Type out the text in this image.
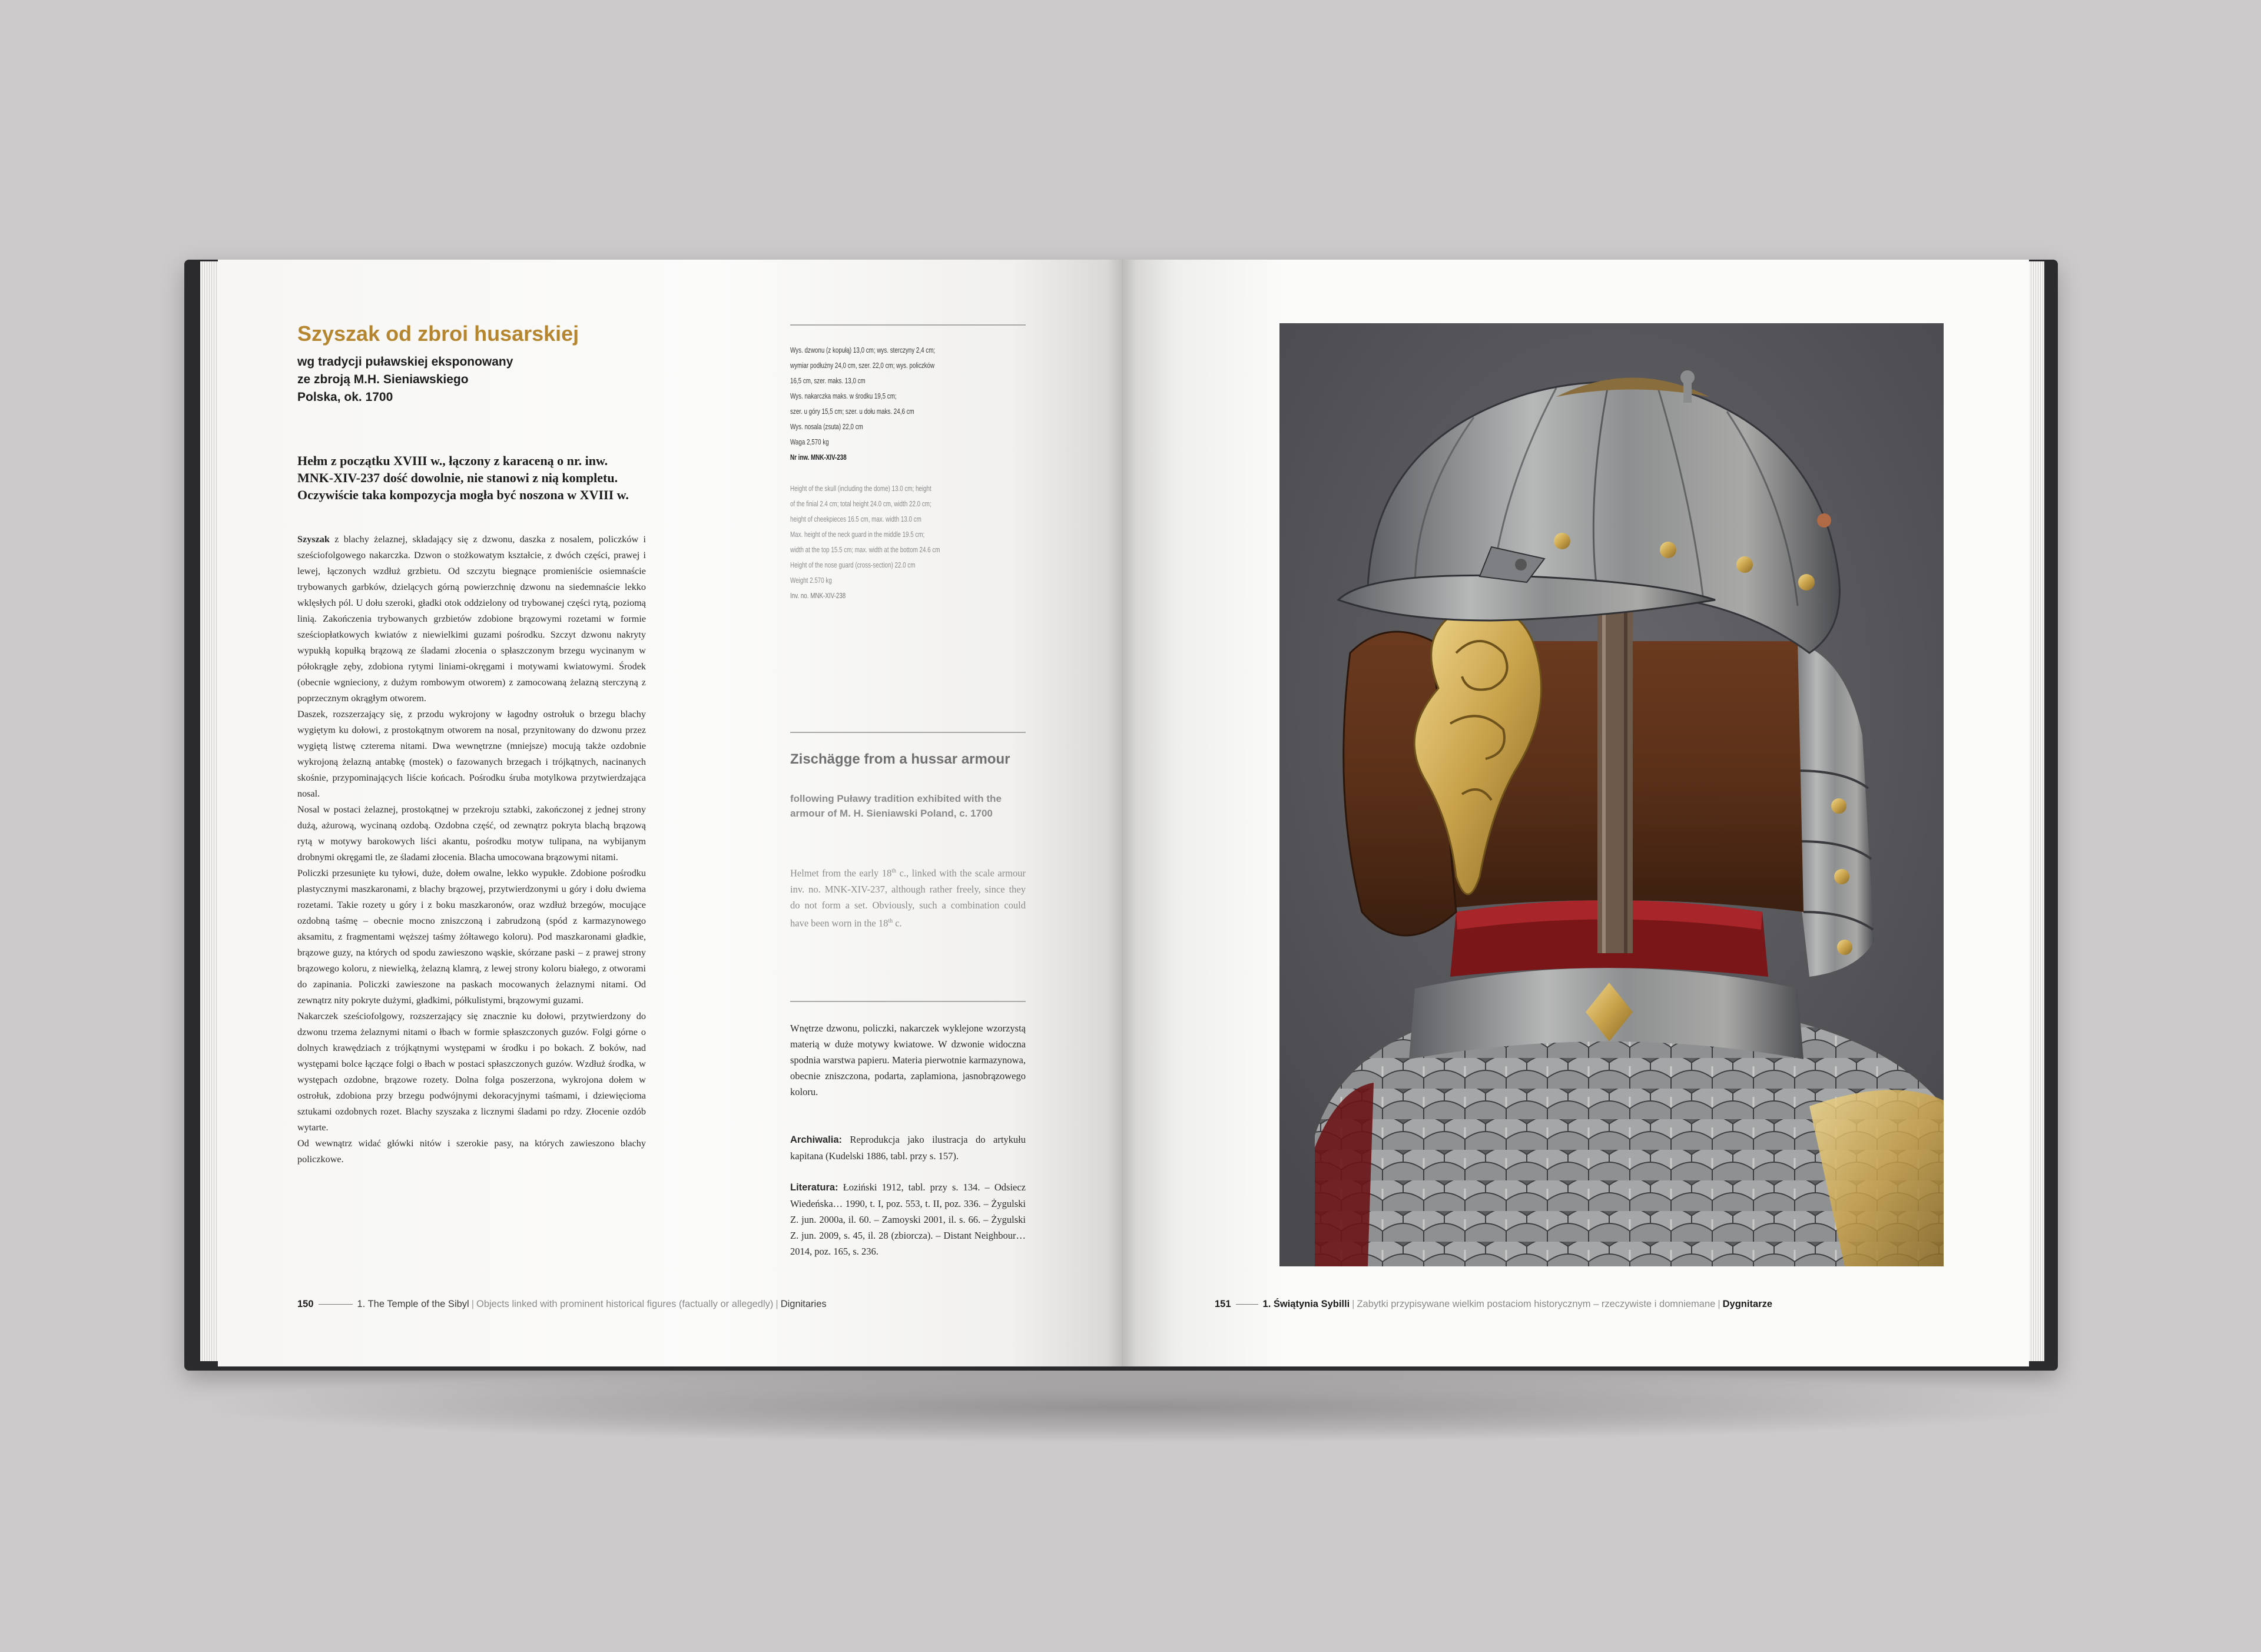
Szyszak od zbroi husarskiej
wg tradycji puławskiej eksponowany
ze zbroją M.H. Sieniawskiego
Polska, ok. 1700
Hełm z początku XVIII w., łączony z karaceną o nr. inw. MNK-XIV-237 dość dowolnie, nie stanowi z nią kompletu. Oczywiście taka kompozycja mogła być noszona w XVIII w.

Szyszak z blachy żelaznej, składający się z dzwonu, daszka z nosalem, policzków i sześciofolgowego nakarczka. Dzwon o stożkowatym kształcie, z dwóch części, prawej i lewej, łączonych wzdłuż grzbietu. Od szczytu biegnące promieniście osiemnaście trybowanych garbków, dzielących górną powierzchnię dzwonu na siedemnaście lekko wklęsłych pól. U dołu szeroki, gładki otok oddzielony od trybowanej części rytą, poziomą linią. Zakończenia trybowanych grzbietów zdobione brązowymi rozetami w formie sześciopłatkowych kwiatów z niewielkimi guzami pośrodku. Szczyt dzwonu nakryty wypukłą kopułką brązową ze śladami złocenia o spłaszczonym brzegu wycinanym w półokrągłe zęby, zdobiona rytymi liniami-okręgami i motywami kwiatowymi. Środek (obecnie wgnieciony, z dużym rombowym otworem) z zamocowaną żelazną sterczyną z poprzecznym okrągłym otworem.

Daszek, rozszerzający się, z przodu wykrojony w łagodny ostrołuk o brzegu blachy wygiętym ku dołowi, z prostokątnym otworem na nosal, przynitowany do dzwonu przez wygiętą listwę czterema nitami. Dwa wewnętrzne (mniejsze) mocują także ozdobnie wykrojoną żelazną antabkę (mostek) o fazowanych brzegach i trójkątnych, nacinanych skośnie, przypominających liście końcach. Pośrodku śruba motylkowa przytwierdzająca nosal.

Nosal w postaci żelaznej, prostokątnej w przekroju sztabki, zakończonej z jednej strony dużą, ażurową, wycinaną ozdobą. Ozdobna część, od zewnątrz pokryta blachą brązową rytą w motywy barokowych liści akantu, pośrodku motyw tulipana, na wybijanym drobnymi okręgami tle, ze śladami złocenia. Blacha umocowana brązowymi nitami.

Policzki przesunięte ku tyłowi, duże, dołem owalne, lekko wypukłe. Zdobione pośrodku plastycznymi maszkaronami, z blachy brązowej, przytwierdzonymi u góry i dołu dwiema rozetami. Takie rozety u góry i z boku maszkaronów, oraz wzdłuż brzegów, mocujące ozdobną taśmę – obecnie mocno zniszczoną i zabrudzoną (spód z karmazynowego aksamitu, z fragmentami węższej taśmy żółtawego koloru). Pod maszkaronami gładkie, brązowe guzy, na których od spodu zawieszono wąskie, skórzane paski – z prawej strony brązowego koloru, z niewielką, żelazną klamrą, z lewej strony koloru białego, z otworami do zapinania. Policzki zawieszone na paskach mocowanych żelaznymi nitami. Od zewnątrz nity pokryte dużymi, gładkimi, półkulistymi, brązowymi guzami.

Nakarczek sześciofolgowy, rozszerzający się znacznie ku dołowi, przytwierdzony do dzwonu trzema żelaznymi nitami o łbach w formie spłaszczonych guzów. Folgi górne o dolnych krawędziach z trójkątnymi występami w środku i po bokach. Z boków, nad występami bolce łączące folgi o łbach w postaci spłaszczonych guzów. Wzdłuż środka, w występach ozdobne, brązowe rozety. Dolna folga poszerzona, wykrojona dołem w ostrołuk, zdobiona przy brzegu podwójnymi dekoracyjnymi taśmami, i dziewięcioma sztukami ozdobnych rozet. Blachy szyszaka z licznymi śladami po rdzy. Złocenie ozdób wytarte.

Od wewnątrz widać główki nitów i szerokie pasy, na których zawieszono blachy policzkowe.

Wys. dzwonu (z kopułą) 13,0 cm; wys. sterczyny 2,4 cm;
wymiar podłużny 24,0 cm, szer. 22,0 cm; wys. policzków
16,5 cm, szer. maks. 13,0 cm
Wys. nakarczka maks. w środku 19,5 cm;
szer. u góry 15,5 cm; szer. u dołu maks. 24,6 cm
Wys. nosala (zsuta) 22,0 cm
Waga 2,570 kg
Nr inw. MNK-XIV-238
Height of the skull (including the dome) 13.0 cm; height
of the finial 2.4 cm; total height 24.0 cm, width 22.0 cm;
height of cheekpieces 16.5 cm, max. width 13.0 cm
Max. height of the neck guard in the middle 19.5 cm;
width at the top 15.5 cm; max. width at the bottom 24.6 cm
Height of the nose guard (cross-section) 22.0 cm
Weight 2.570 kg
Inv. no. MNK-XIV-238
Zischägge from a hussar armour
following Puławy tradition exhibited with the armour of M. H. Sieniawski Poland, c. 1700
Helmet from the early 18th c., linked with the scale armour inv. no. MNK-XIV-237, although rather freely, since they do not form a set. Obviously, such a combination could have been worn in the 18th c.
Wnętrze dzwonu, policzki, nakarczek wyklejone wzorzystą materią w duże motywy kwiatowe. W dzwonie widoczna spodnia warstwa papieru. Materia pierwotnie karmazynowa, obecnie zniszczona, podarta, zaplamiona, jasnobrązowego koloru.
Archiwalia: Reprodukcja jako ilustracja do artykułu kapitana (Kudelski 1886, tabl. przy s. 157).
Literatura: Łoziński 1912, tabl. przy s. 134. – Odsiecz Wiedeńska… 1990, t. I, poz. 553, t. II, poz. 336. – Żygulski Z. jun. 2000a, il. 60. – Zamoyski 2001, il. s. 66. – Żygulski Z. jun. 2009, s. 45, il. 28 (zbiorcza). – Distant Neighbour… 2014, poz. 165, s. 236.
150	1. The Temple of the Sibyl | Objects linked with prominent historical figures (factually or allegedly) | Dignitaries	151	1. Świątynia Sybilli | Zabytki przypisywane wielkim postaciom historycznym – rzeczywiste i domniemane | Dygnitarze
